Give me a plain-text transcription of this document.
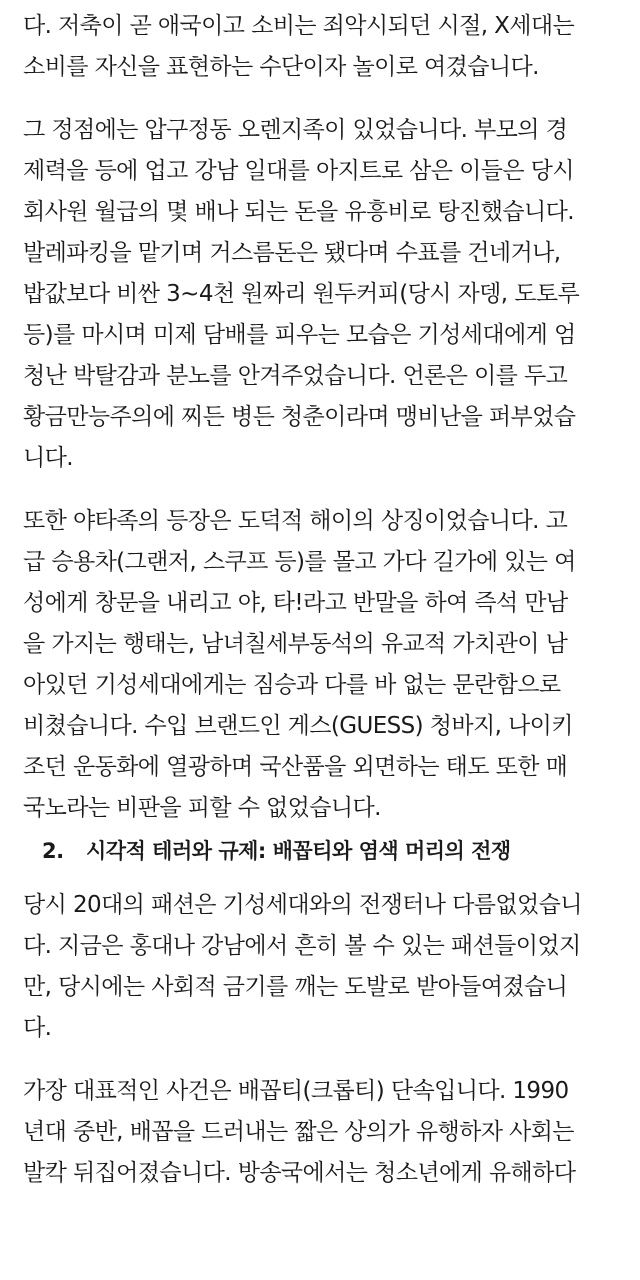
다. 저축이 곧 애국이고 소비는 죄악시되던 시절, X세대는
소비를 자신을 표현하는 수단이자 놀이로 여겼습니다.

그 정점에는 압구정동 오렌지족이 있었습니다. 부모의 경
제력을 등에 업고 강남 일대를 아지트로 삼은 이들은 당시
회사원 월급의 몇 배나 되는 돈을 유흥비로 탕진했습니다.
발레파킹을 맡기며 거스름돈은 됐다며 수표를 건네거나,
밥값보다 비싼 3~4천 원짜리 원두커피(당시 자뎅, 도토루
등)를 마시며 미제 담배를 피우는 모습은 기성세대에게 엄
청난 박탈감과 분노를 안겨주었습니다. 언론은 이를 두고
황금만능주의에 찌든 병든 청춘이라며 맹비난을 퍼부었습
니다.

또한 야타족의 등장은 도덕적 해이의 상징이었습니다. 고
급 승용차(그랜저, 스쿠프 등)를 몰고 가다 길가에 있는 여
성에게 창문을 내리고 야, 타!라고 반말을 하여 즉석 만남
을 가지는 행태는, 남녀칠세부동석의 유교적 가치관이 남
아있던 기성세대에게는 짐승과 다를 바 없는 문란함으로
비쳤습니다. 수입 브랜드인 게스(GUESS) 청바지, 나이키
조던 운동화에 열광하며 국산품을 외면하는 태도 또한 매
국노라는 비판을 피할 수 없었습니다.

2. 시각적 테러와 규제: 배꼽티와 염색 머리의 전쟁

당시 20대의 패션은 기성세대와의 전쟁터나 다름없었습니
다. 지금은 홍대나 강남에서 흔히 볼 수 있는 패션들이었지
만, 당시에는 사회적 금기를 깨는 도발로 받아들여졌습니
다.

가장 대표적인 사건은 배꼽티(크롭티) 단속입니다. 1990
년대 중반, 배꼽을 드러내는 짧은 상의가 유행하자 사회는
발칵 뒤집어졌습니다. 방송국에서는 청소년에게 유해하다
